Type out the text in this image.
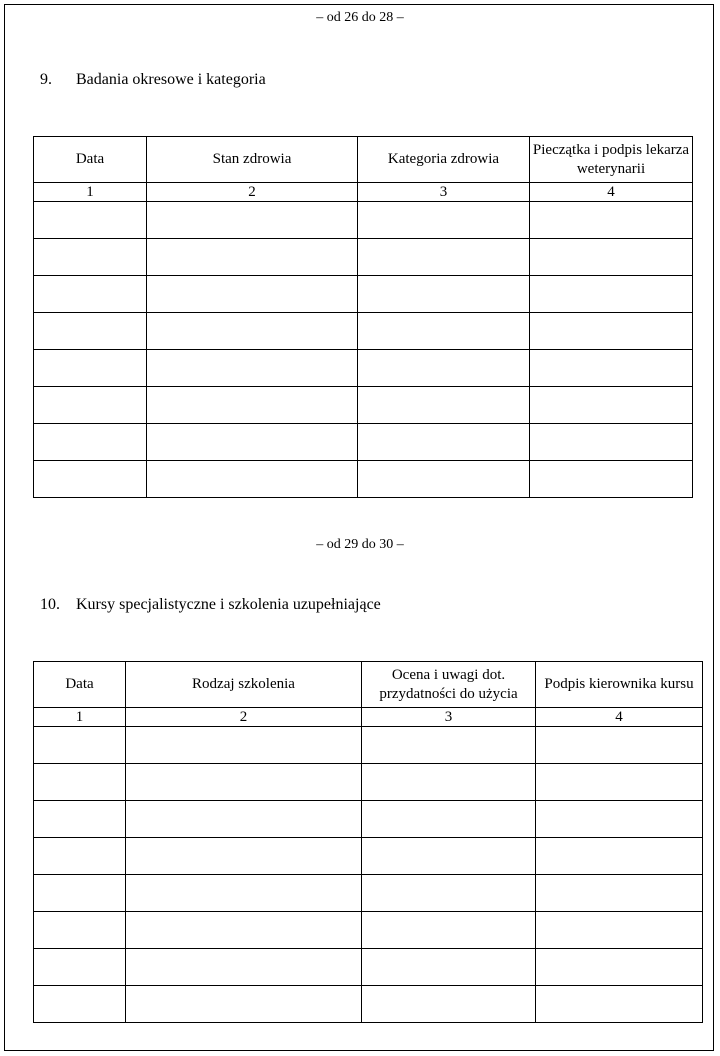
– od 26 do 28 –
9. Badania okresowe i kategoria
Data	Stan zdrowia	Kategoria zdrowia	Pieczątka i podpis lekarza weterynarii
1	2	3	4

– od 29 do 30 –
10. Kursy specjalistyczne i szkolenia uzupełniające
Data	Rodzaj szkolenia	Ocena i uwagi dot. przydatności do użycia	Podpis kierownika kursu
1	2	3	4
